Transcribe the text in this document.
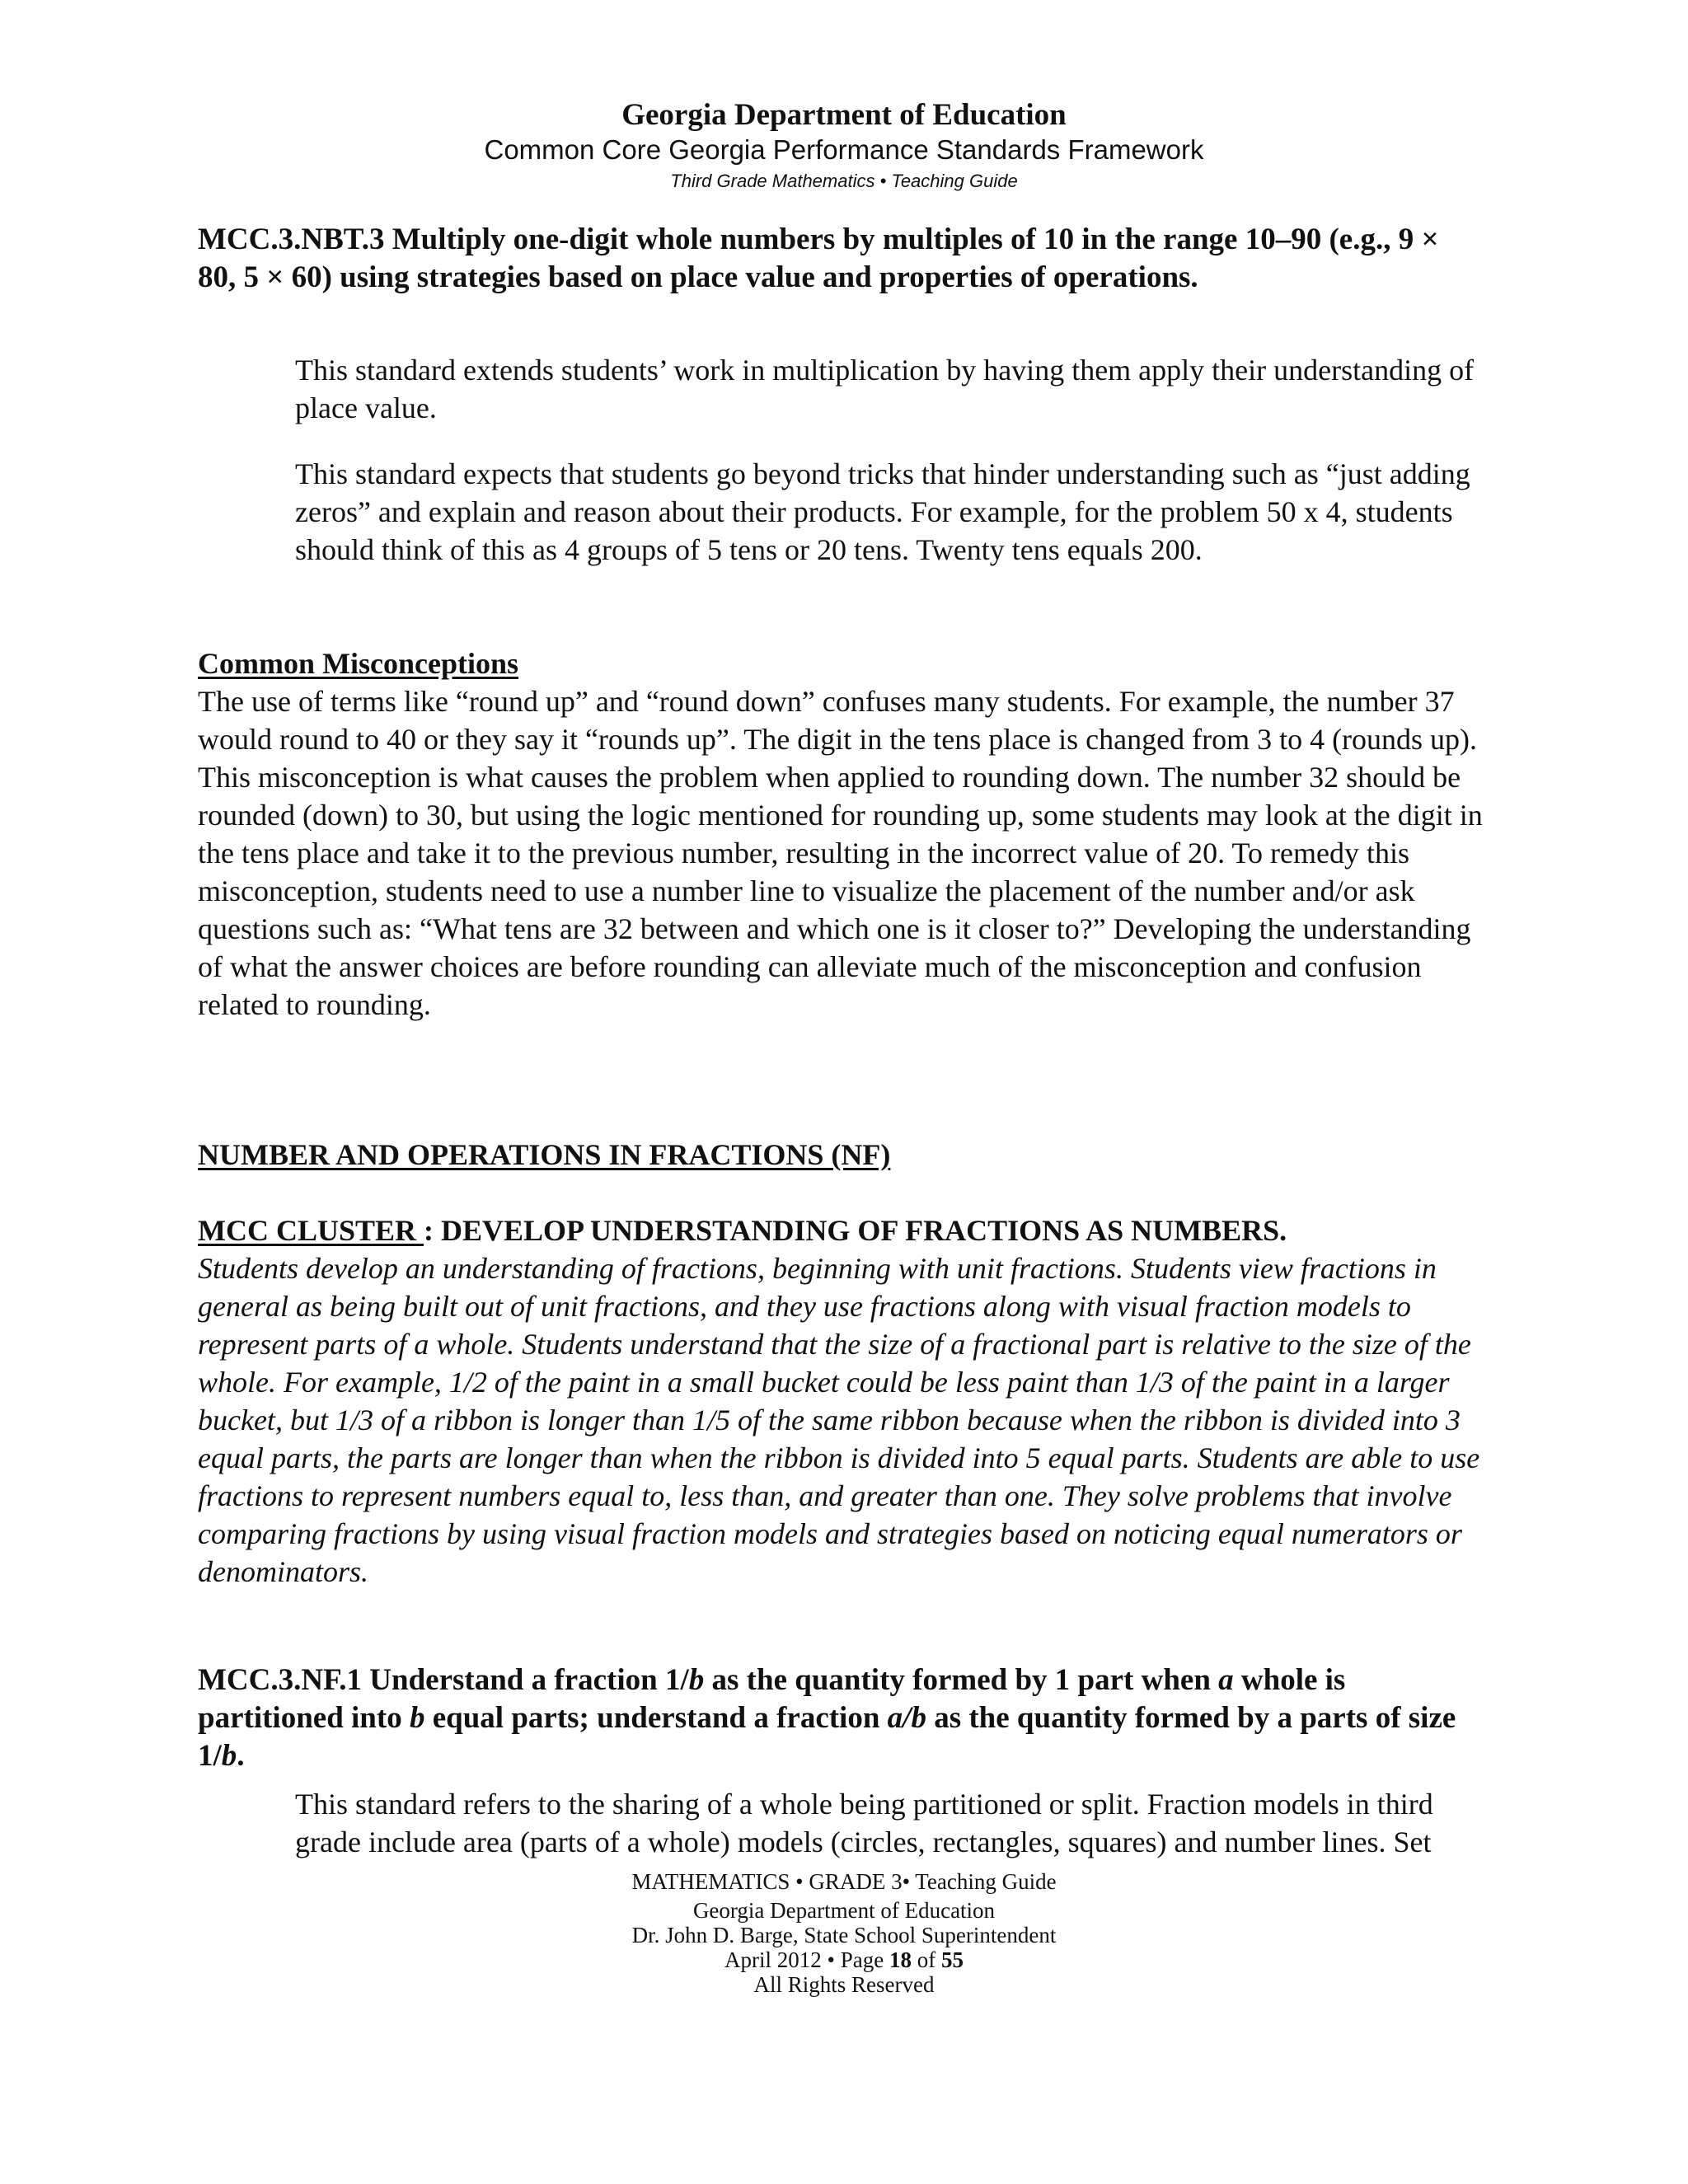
Georgia Department of Education
Common Core Georgia Performance Standards Framework
Third Grade Mathematics • Teaching Guide

MCC.3.NBT.3 Multiply one-digit whole numbers by multiples of 10 in the range 10–90 (e.g., 9 × 80, 5 × 60) using strategies based on place value and properties of operations.

This standard extends students’ work in multiplication by having them apply their understanding of place value.

This standard expects that students go beyond tricks that hinder understanding such as “just adding zeros” and explain and reason about their products. For example, for the problem 50 x 4, students should think of this as 4 groups of 5 tens or 20 tens. Twenty tens equals 200.

Common Misconceptions

The use of terms like “round up” and “round down” confuses many students. For example, the number 37 would round to 40 or they say it “rounds up”. The digit in the tens place is changed from 3 to 4 (rounds up). This misconception is what causes the problem when applied to rounding down. The number 32 should be rounded (down) to 30, but using the logic mentioned for rounding up, some students may look at the digit in the tens place and take it to the previous number, resulting in the incorrect value of 20. To remedy this misconception, students need to use a number line to visualize the placement of the number and/or ask questions such as: “What tens are 32 between and which one is it closer to?” Developing the understanding of what the answer choices are before rounding can alleviate much of the misconception and confusion related to rounding.

NUMBER AND OPERATIONS IN FRACTIONS (NF)

MCC CLUSTER : DEVELOP UNDERSTANDING OF FRACTIONS AS NUMBERS.

Students develop an understanding of fractions, beginning with unit fractions. Students view fractions in general as being built out of unit fractions, and they use fractions along with visual fraction models to represent parts of a whole. Students understand that the size of a fractional part is relative to the size of the whole. For example, 1/2 of the paint in a small bucket could be less paint than 1/3 of the paint in a larger bucket, but 1/3 of a ribbon is longer than 1/5 of the same ribbon because when the ribbon is divided into 3 equal parts, the parts are longer than when the ribbon is divided into 5 equal parts. Students are able to use fractions to represent numbers equal to, less than, and greater than one. They solve problems that involve comparing fractions by using visual fraction models and strategies based on noticing equal numerators or denominators.

MCC.3.NF.1 Understand a fraction 1/b as the quantity formed by 1 part when a whole is partitioned into b equal parts; understand a fraction a/b as the quantity formed by a parts of size 1/b.

This standard refers to the sharing of a whole being partitioned or split. Fraction models in third grade include area (parts of a whole) models (circles, rectangles, squares) and number lines. Set

MATHEMATICS • GRADE 3• Teaching Guide
Georgia Department of Education
Dr. John D. Barge, State School Superintendent
April 2012 • Page 18 of 55
All Rights Reserved
